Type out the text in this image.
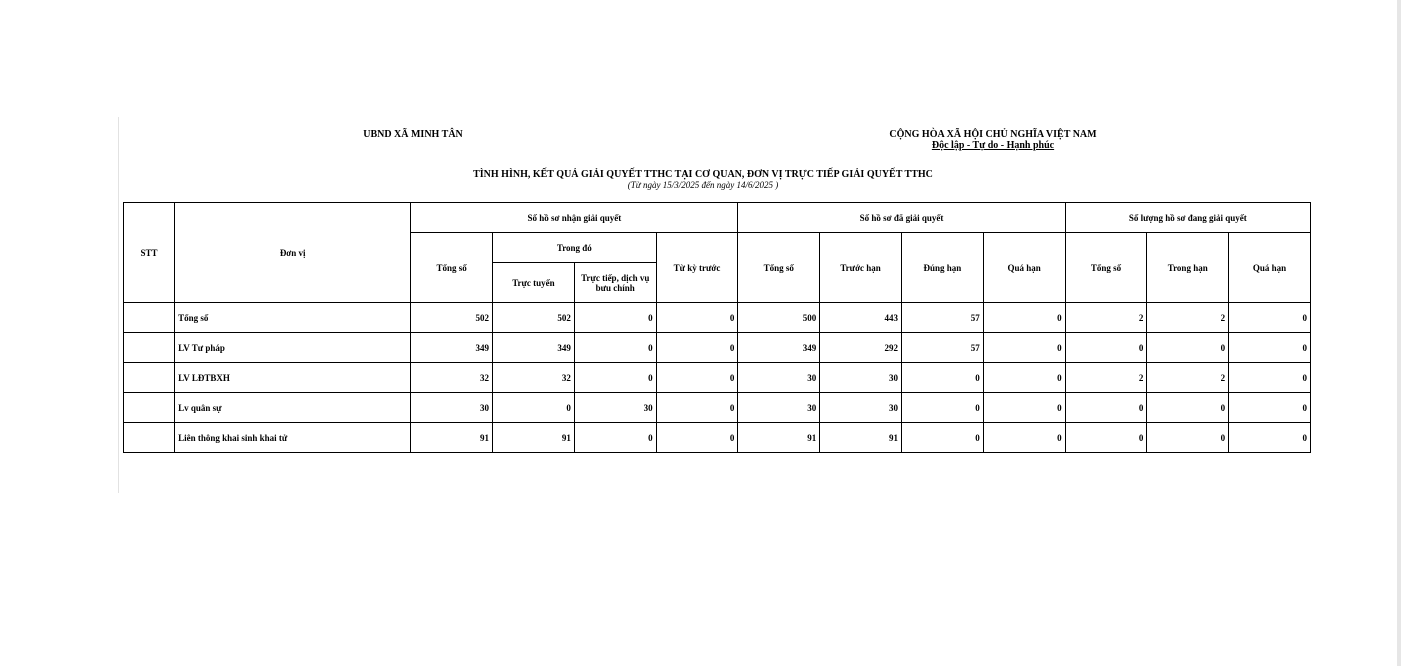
UBND XÃ MINH TÂN	CỘNG HÒA XÃ HỘI CHỦ NGHĨA VIỆT NAM
Độc lập - Tự do - Hạnh phúc
TÌNH HÌNH, KẾT QUẢ GIẢI QUYẾT TTHC TẠI CƠ QUAN, ĐƠN VỊ TRỰC TIẾP GIẢI QUYẾT TTHC
(Từ ngày 15/3/2025 đến ngày 14/6/2025 )
STT	Đơn vị	Số hồ sơ nhận giải quyết				Số hồ sơ đã giải quyết				Số lượng hồ sơ đang giải quyết		
		Tổng số	Trong đó		Từ kỳ trước	Tổng số	Trước hạn	Đúng hạn	Quá hạn	Tổng số	Trong hạn	Quá hạn
			Trực tuyến	Trực tiếp, dịch vụ bưu chính								
	Tổng số	502	502	0	0	500	443	57	0	2	2	0
	LV Tư pháp	349	349	0	0	349	292	57	0	0	0	0
	LV LĐTBXH	32	32	0	0	30	30	0	0	2	2	0
	Lv quân sự	30	0	30	0	30	30	0	0	0	0	0
	Liên thông khai sinh khai tử	91	91	0	0	91	91	0	0	0	0	0
